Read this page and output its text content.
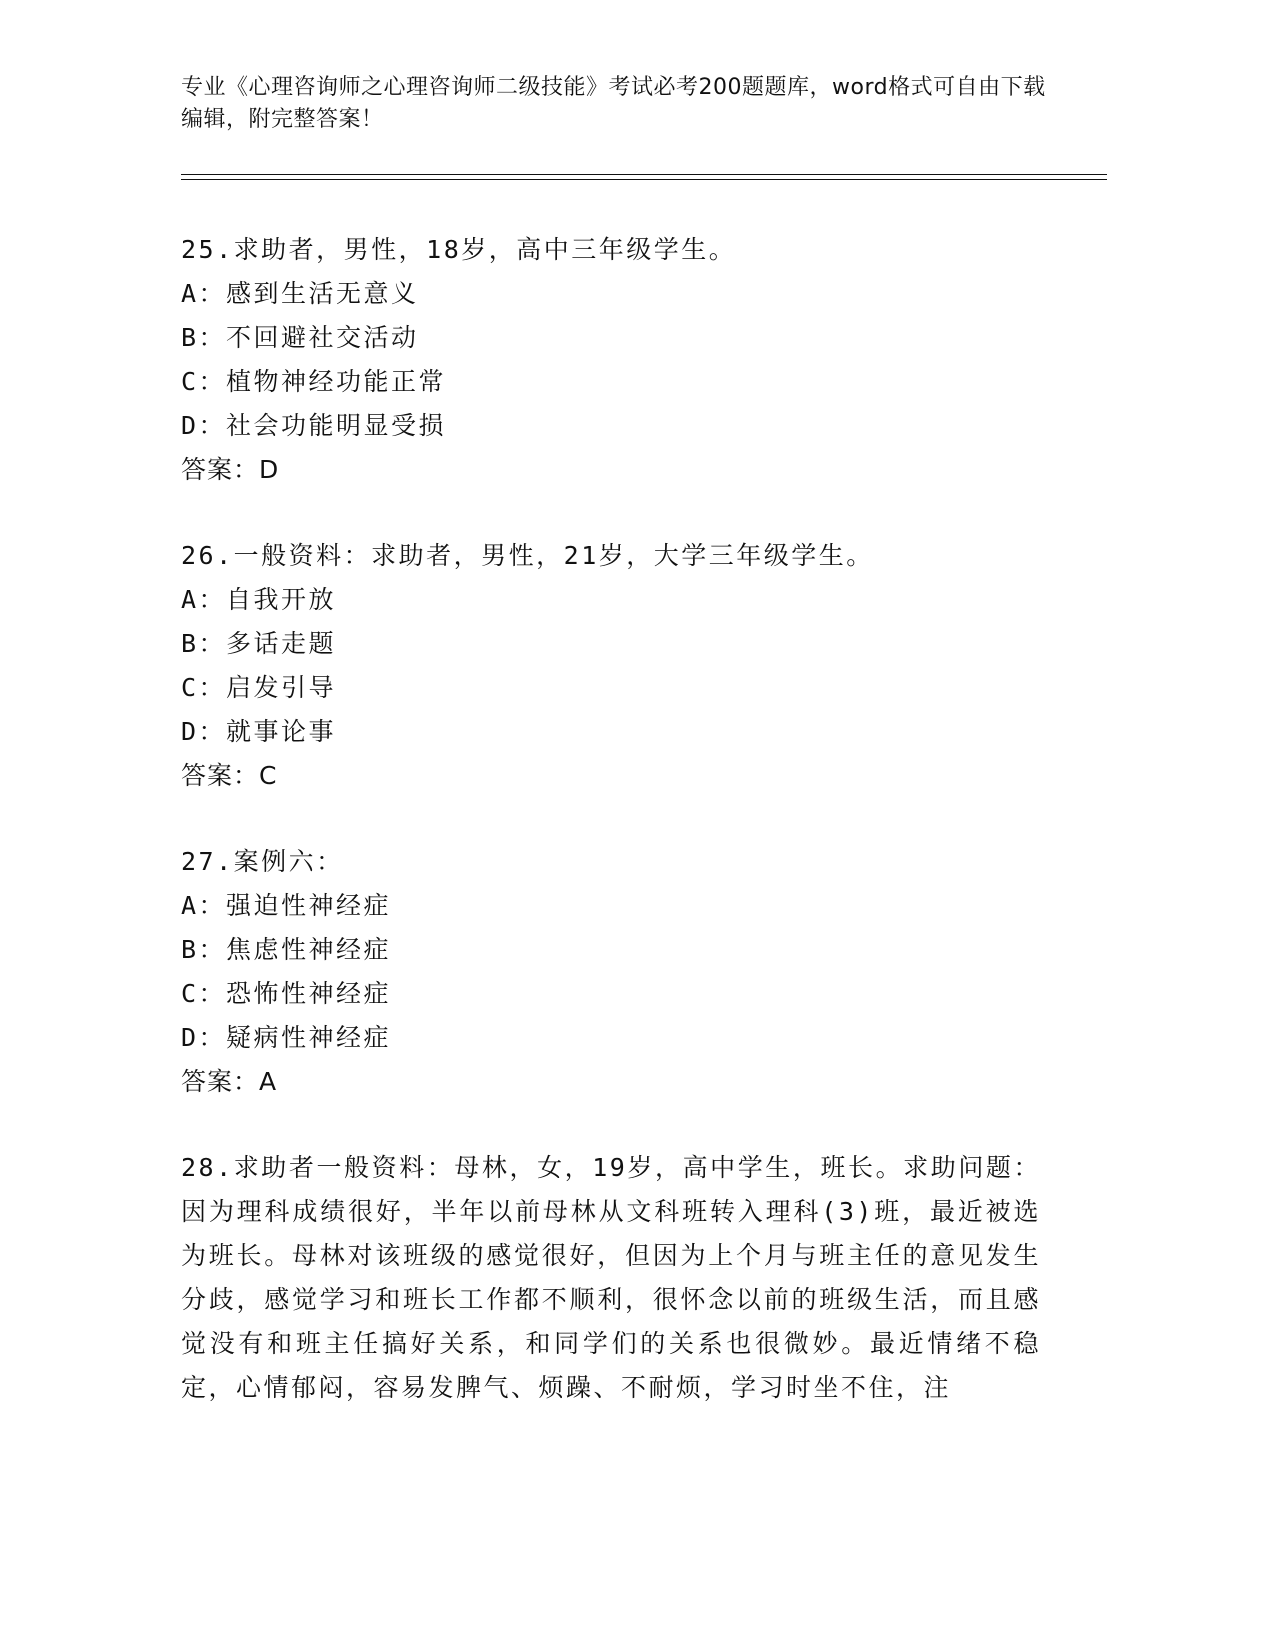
专业《心理咨询师之心理咨询师二级技能》考试必考200题题库，word格式可自由下载编辑，附完整答案！
25.求助者，男性，18岁，高中三年级学生。
A：感到生活无意义
B：不回避社交活动
C：植物神经功能正常
D：社会功能明显受损
答案：D
26.一般资料：求助者，男性，21岁，大学三年级学生。
A：自我开放
B：多话走题
C：启发引导
D：就事论事
答案：C
27.案例六：
A：强迫性神经症
B：焦虑性神经症
C：恐怖性神经症
D：疑病性神经症
答案：A
28.求助者一般资料：母林，女，19岁，高中学生，班长。求助问题：因为理科成绩很好，半年以前母林从文科班转入理科(3)班，最近被选为班长。母林对该班级的感觉很好，但因为上个月与班主任的意见发生分歧，感觉学习和班长工作都不顺利，很怀念以前的班级生活，而且感觉没有和班主任搞好关系，和同学们的关系也很微妙。最近情绪不稳定，心情郁闷，容易发脾气、烦躁、不耐烦，学习时坐不住，注
